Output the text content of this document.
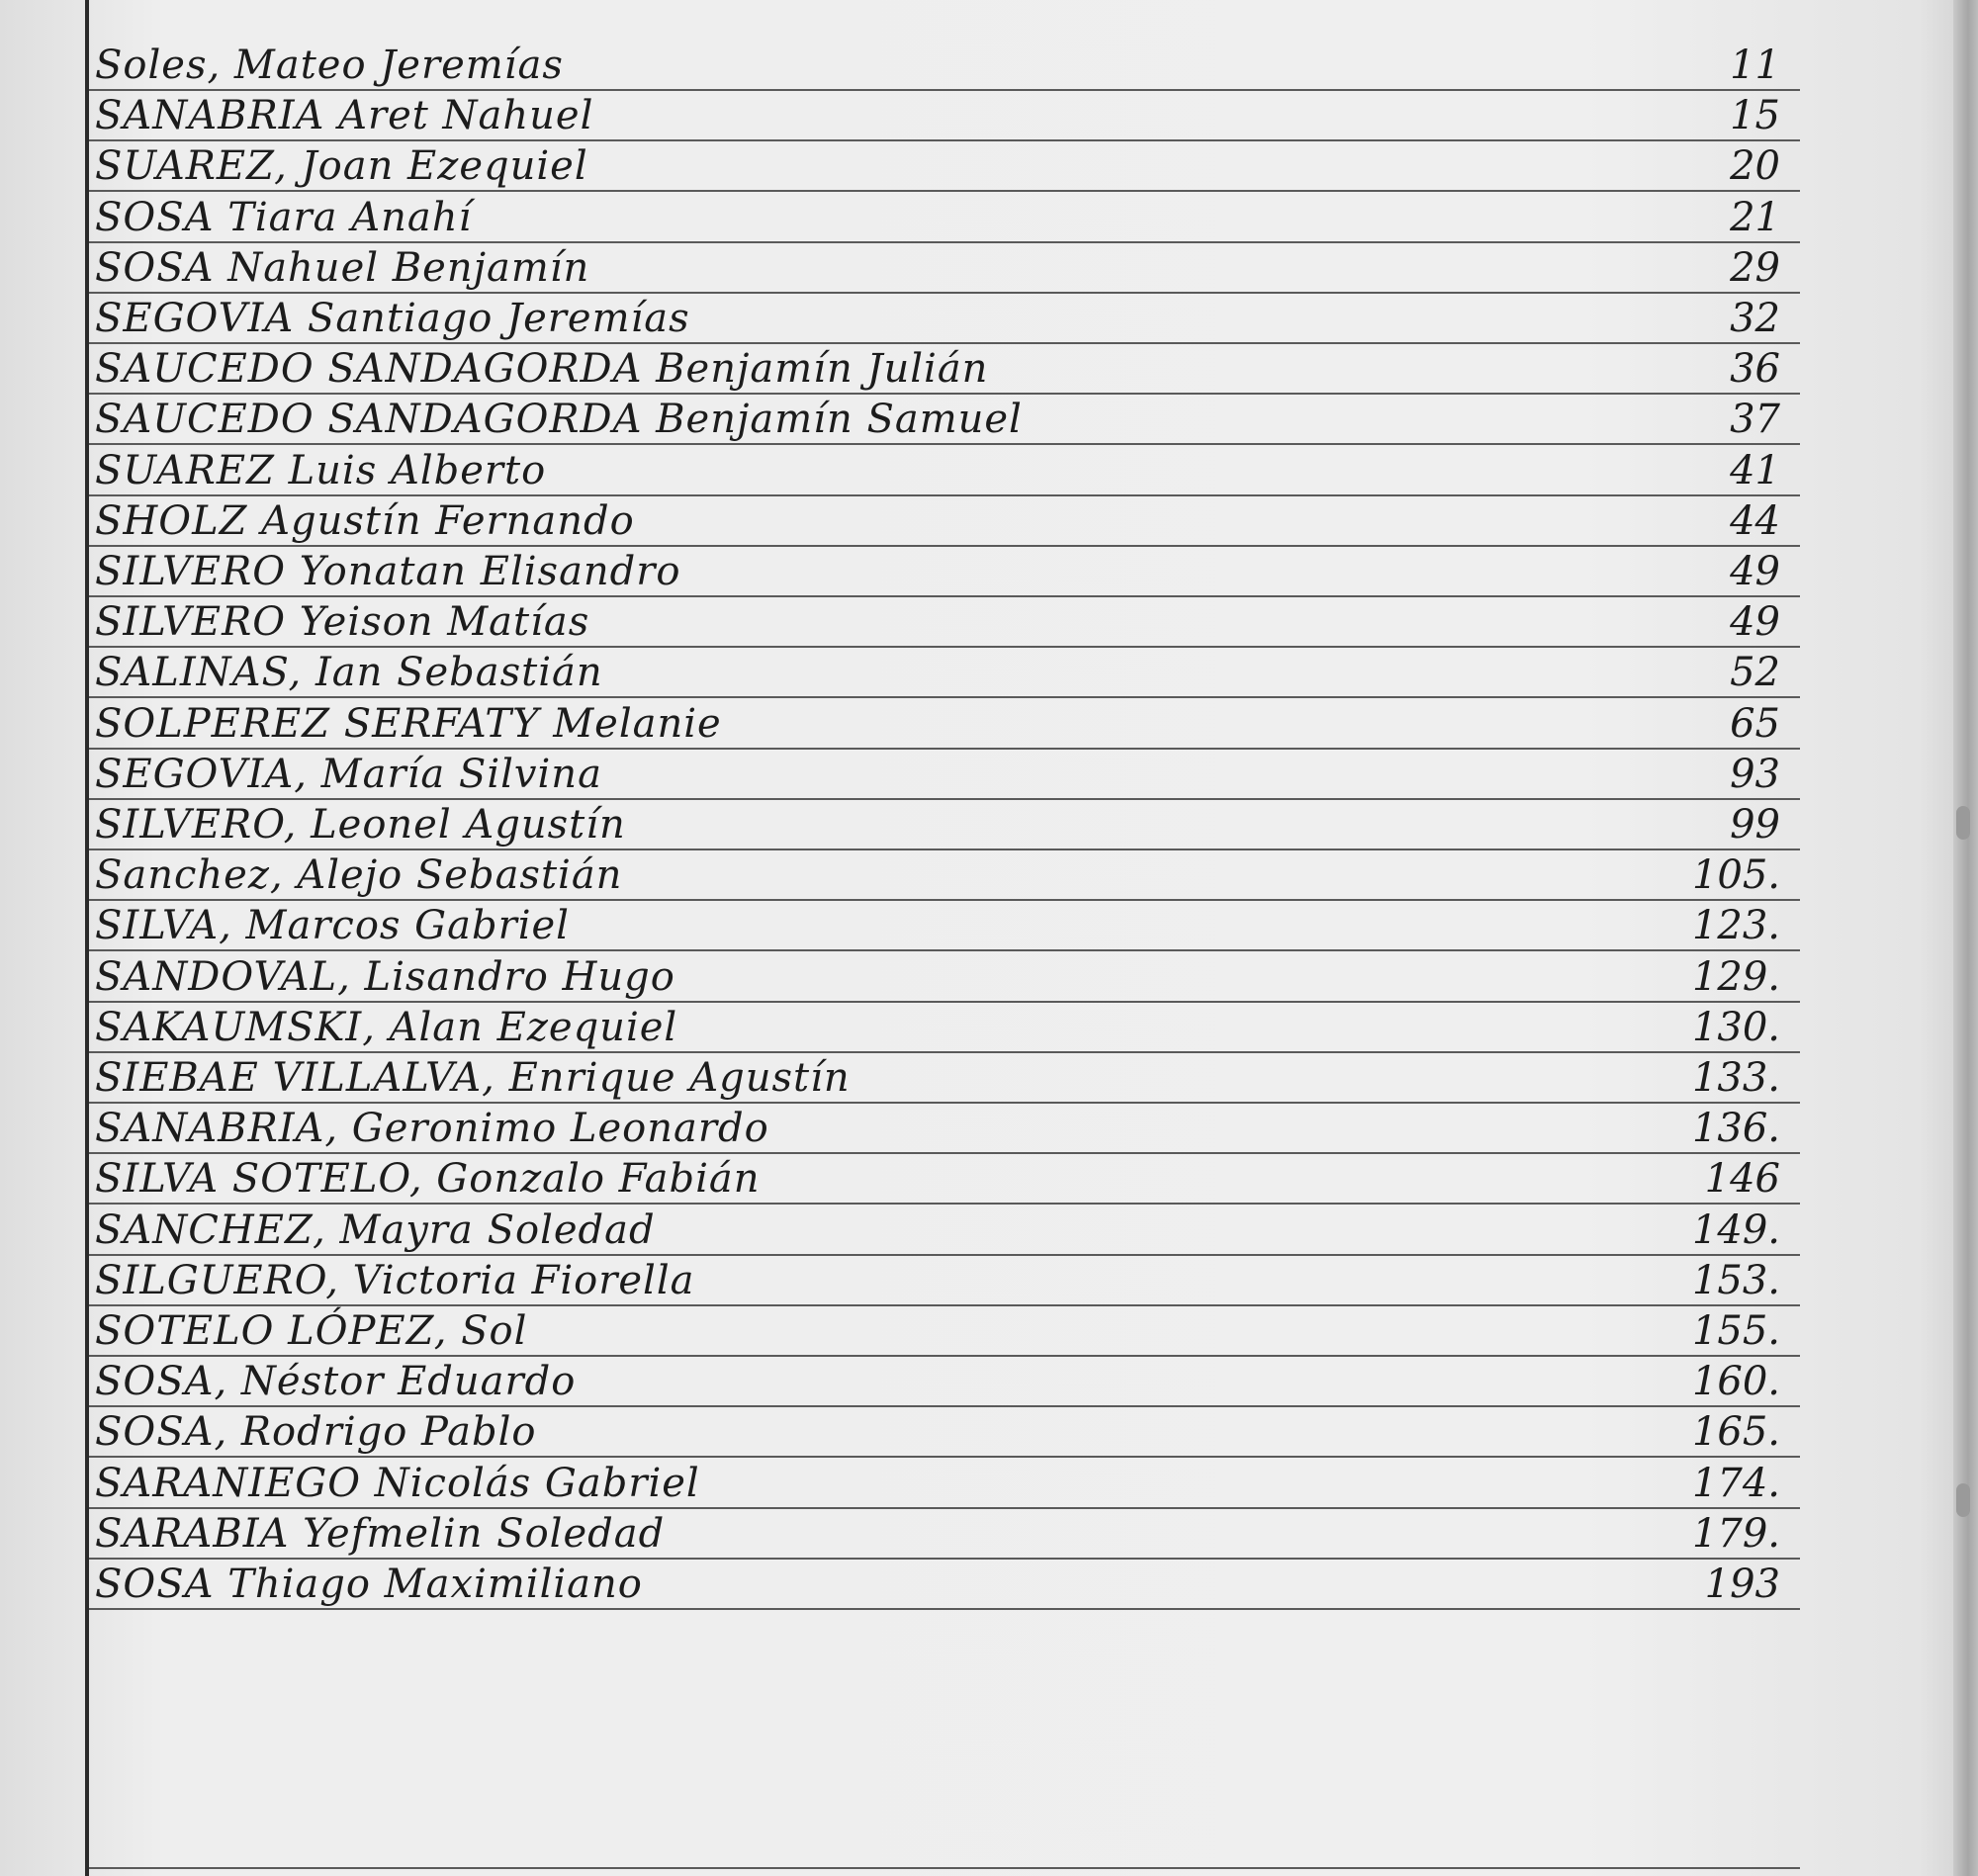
Soles, Mateo Jeremías	11
SANABRIA Aret Nahuel	15
SUAREZ, Joan Ezequiel	20
SOSA Tiara Anahí	21
SOSA Nahuel Benjamín	29
SEGOVIA Santiago Jeremías	32
SAUCEDO SANDAGORDA Benjamín Julián	36
SAUCEDO SANDAGORDA Benjamín Samuel	37
SUAREZ Luis Alberto	41
SHOLZ Agustín Fernando	44
SILVERO Yonatan Elisandro	49
SILVERO Yeison Matías	49
SALINAS, Ian Sebastián	52
SOLPEREZ SERFATY Melanie	65
SEGOVIA, María Silvina	93
SILVERO, Leonel Agustín	99
Sanchez, Alejo Sebastián	105.
SILVA, Marcos Gabriel	123.
SANDOVAL, Lisandro Hugo	129.
SAKAUMSKI, Alan Ezequiel	130.
SIEBAE VILLALVA, Enrique Agustín	133.
SANABRIA, Geronimo Leonardo	136.
SILVA SOTELO, Gonzalo Fabián	146
SANCHEZ, Mayra Soledad	149.
SILGUERO, Victoria Fiorella	153.
SOTELO LÓPEZ, Sol	155.
SOSA, Néstor Eduardo	160.
SOSA, Rodrigo Pablo	165.
SARANIEGO Nicolás Gabriel	174.
SARABIA Yefmelin Soledad	179.
SOSA Thiago Maximiliano	193
